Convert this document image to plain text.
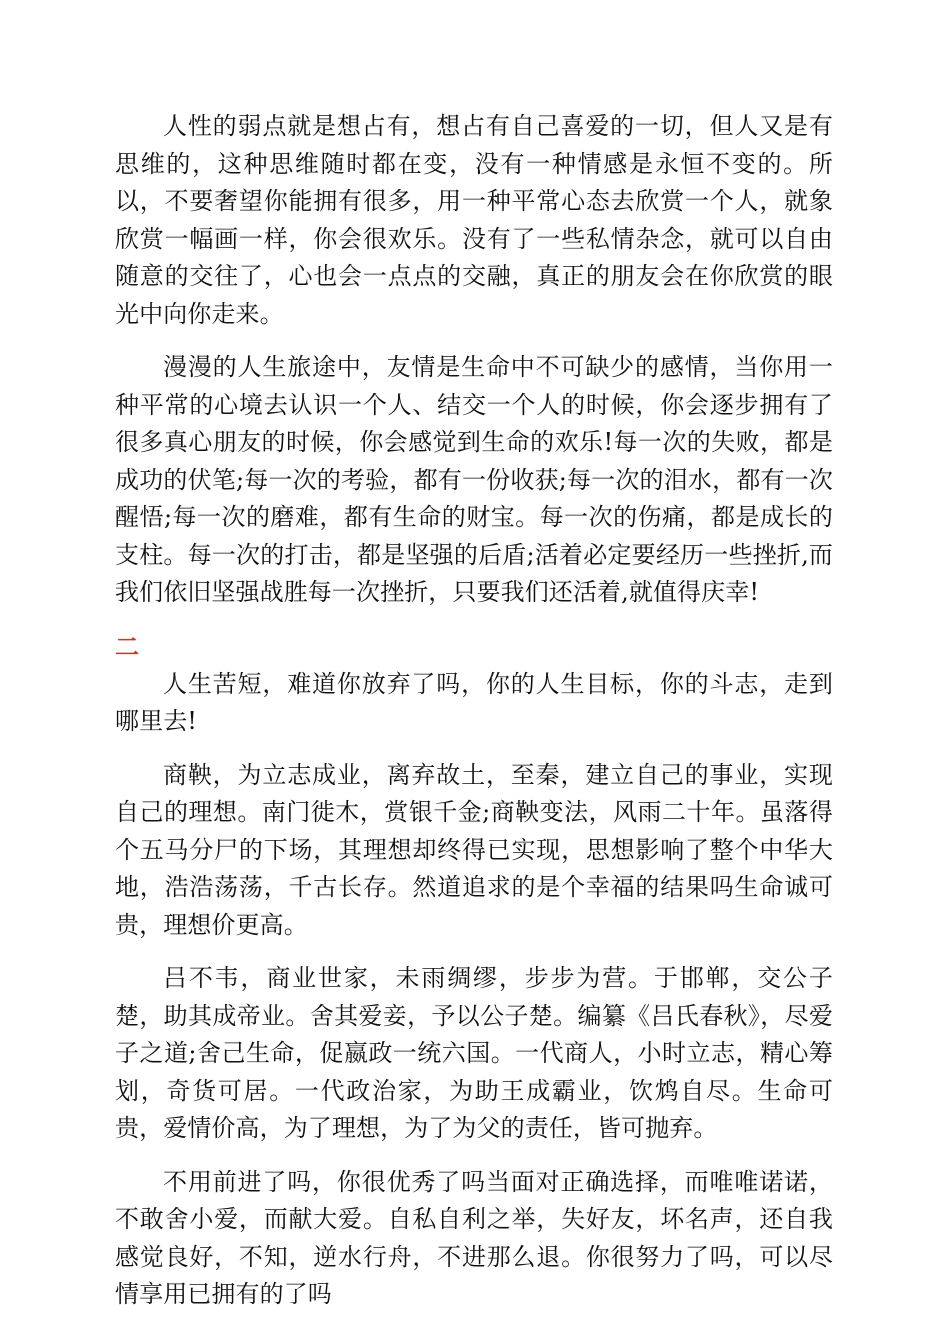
人性的弱点就是想占有，想占有自己喜爱的一切，但人又是有思维的，这种思维随时都在变，没有一种情感是永恒不变的。所以，不要奢望你能拥有很多，用一种平常心态去欣赏一个人，就象欣赏一幅画一样，你会很欢乐。没有了一些私情杂念，就可以自由随意的交往了，心也会一点点的交融，真正的朋友会在你欣赏的眼光中向你走来。

漫漫的人生旅途中，友情是生命中不可缺少的感情，当你用一种平常的心境去认识一个人、结交一个人的时候，你会逐步拥有了很多真心朋友的时候，你会感觉到生命的欢乐!每一次的失败，都是成功的伏笔;每一次的考验，都有一份收获;每一次的泪水，都有一次醒悟;每一次的磨难，都有生命的财宝。每一次的伤痛，都是成长的支柱。每一次的打击，都是坚强的后盾;活着必定要经历一些挫折,而我们依旧坚强战胜每一次挫折，只要我们还活着,就值得庆幸!

二

人生苦短，难道你放弃了吗，你的人生目标，你的斗志，走到哪里去!

商鞅，为立志成业，离弃故土，至秦，建立自己的事业，实现自己的理想。南门徙木，赏银千金;商鞅变法，风雨二十年。虽落得个五马分尸的下场，其理想却终得已实现，思想影响了整个中华大地，浩浩荡荡，千古长存。然道追求的是个幸福的结果吗生命诚可贵，理想价更高。

吕不韦，商业世家，未雨绸缪，步步为营。于邯郸，交公子楚，助其成帝业。舍其爱妾，予以公子楚。编纂《吕氏春秋》，尽爱子之道;舍己生命，促嬴政一统六国。一代商人，小时立志，精心筹划，奇货可居。一代政治家，为助王成霸业，饮鸩自尽。生命可贵，爱情价高，为了理想，为了为父的责任，皆可抛弃。

不用前进了吗，你很优秀了吗当面对正确选择，而唯唯诺诺，不敢舍小爱，而献大爱。自私自利之举，失好友，坏名声，还自我感觉良好，不知，逆水行舟，不进那么退。你很努力了吗，可以尽情享用已拥有的了吗
